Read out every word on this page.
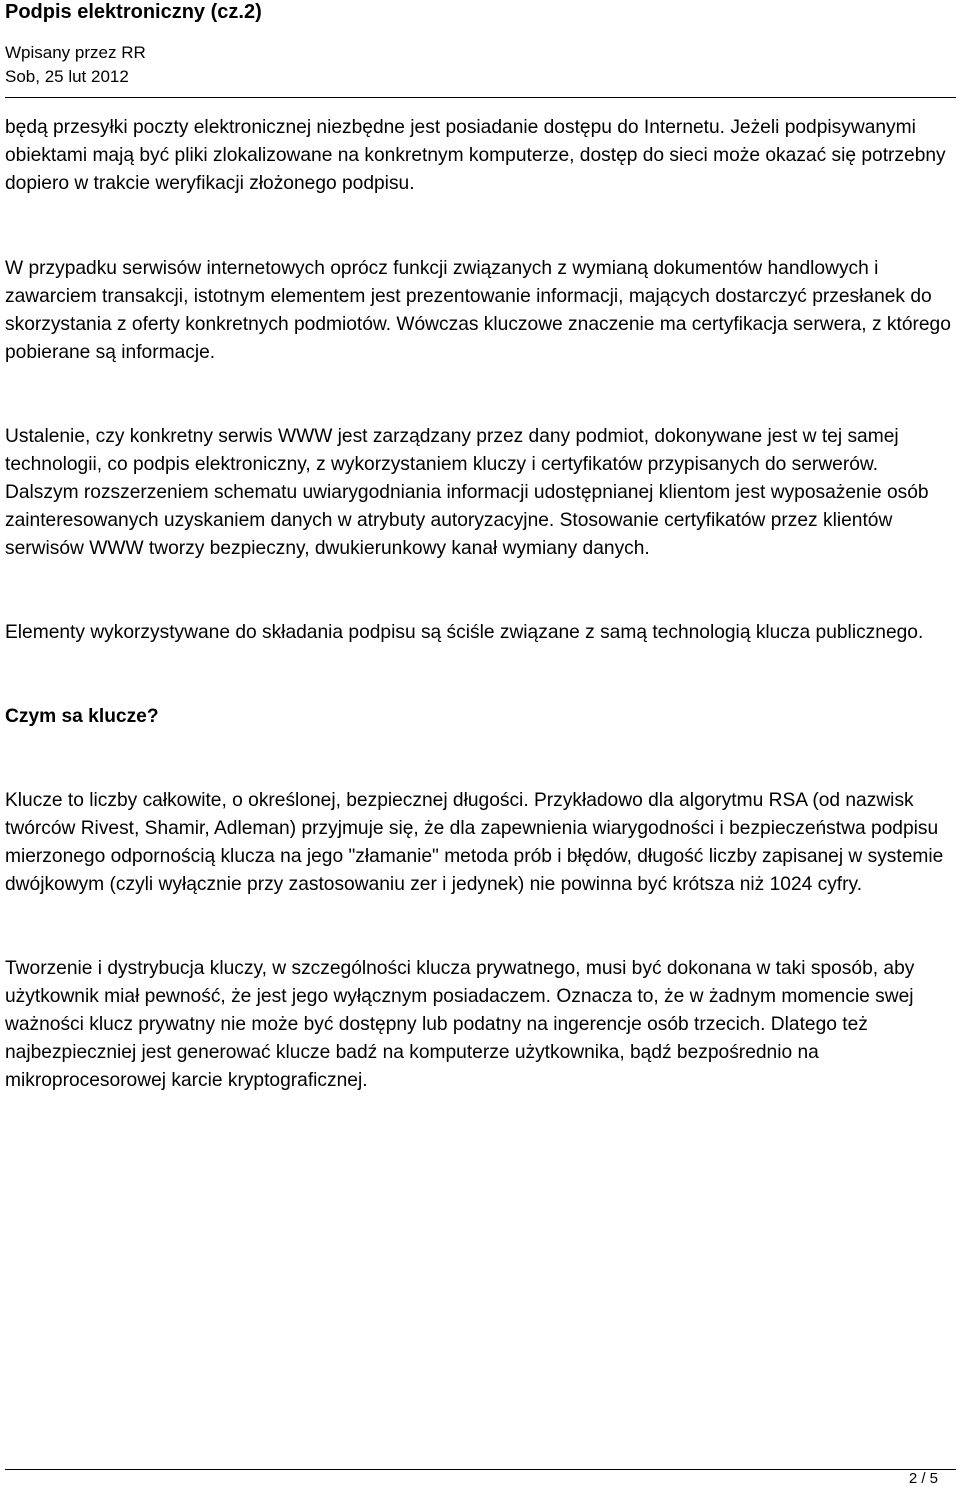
Podpis elektroniczny (cz.2)
Wpisany przez RR
Sob, 25 lut 2012

będą przesyłki poczty elektronicznej niezbędne jest posiadanie dostępu do Internetu. Jeżeli podpisywanymi obiektami mają być pliki zlokalizowane na konkretnym komputerze, dostęp do sieci może okazać się potrzebny dopiero w trakcie weryfikacji złożonego podpisu.

W przypadku serwisów internetowych oprócz funkcji związanych z wymianą dokumentów handlowych i zawarciem transakcji, istotnym elementem jest prezentowanie informacji, mających dostarczyć przesłanek do skorzystania z oferty konkretnych podmiotów. Wówczas kluczowe znaczenie ma certyfikacja serwera, z którego pobierane są informacje.

Ustalenie, czy konkretny serwis WWW jest zarządzany przez dany podmiot, dokonywane jest w tej samej technologii, co podpis elektroniczny, z wykorzystaniem kluczy i certyfikatów przypisanych do serwerów. Dalszym rozszerzeniem schematu uwiarygodniania informacji udostępnianej klientom jest wyposażenie osób zainteresowanych uzyskaniem danych w atrybuty autoryzacyjne. Stosowanie certyfikatów przez klientów serwisów WWW tworzy bezpieczny, dwukierunkowy kanał wymiany danych.

Elementy wykorzystywane do składania podpisu są ściśle związane z samą technologią klucza publicznego.

Czym sa klucze?

Klucze to liczby całkowite, o określonej, bezpiecznej długości. Przykładowo dla algorytmu RSA (od nazwisk twórców Rivest, Shamir, Adleman) przyjmuje się, że dla zapewnienia wiarygodności i bezpieczeństwa podpisu mierzonego odpornością klucza na jego "złamanie" metoda prób i błędów, długość liczby zapisanej w systemie dwójkowym (czyli wyłącznie przy zastosowaniu zer i jedynek) nie powinna być krótsza niż 1024 cyfry.

Tworzenie i dystrybucja kluczy, w szczególności klucza prywatnego, musi być dokonana w taki sposób, aby użytkownik miał pewność, że jest jego wyłącznym posiadaczem. Oznacza to, że w żadnym momencie swej ważności klucz prywatny nie może być dostępny lub podatny na ingerencje osób trzecich. Dlatego też najbezpieczniej jest generować klucze badź na komputerze użytkownika, bądź bezpośrednio na mikroprocesorowej karcie kryptograficznej.

2 / 5
